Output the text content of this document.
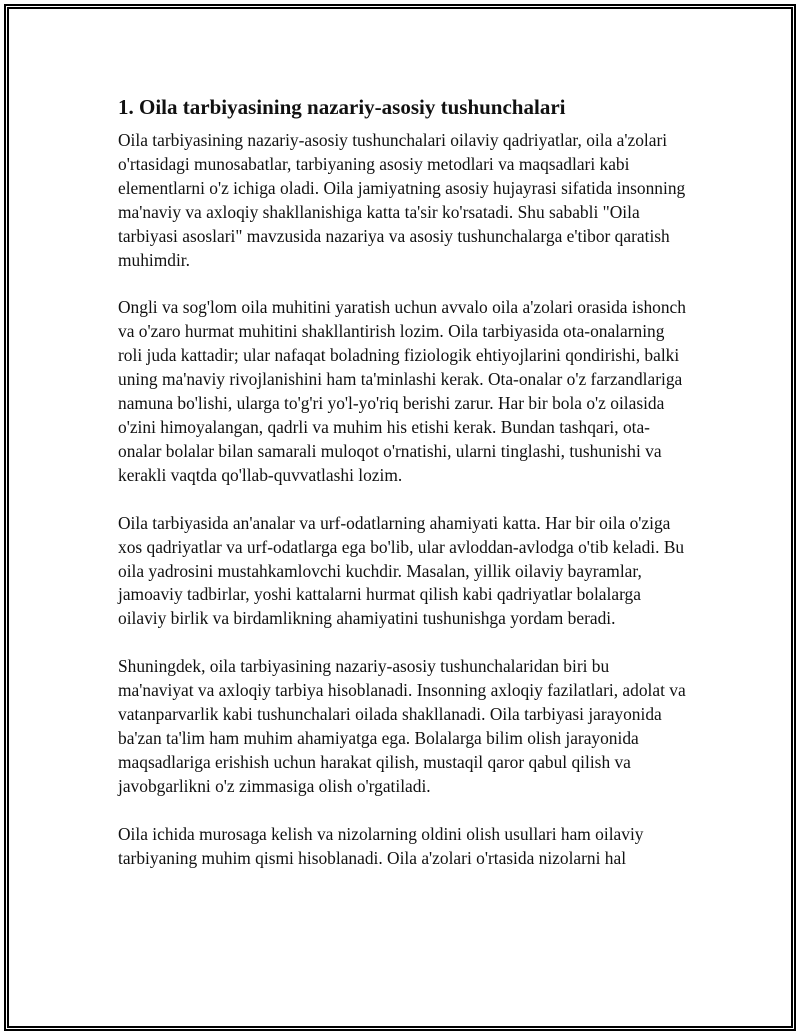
1. Oila tarbiyasining nazariy-asosiy tushunchalari

Oila tarbiyasining nazariy-asosiy tushunchalari oilaviy qadriyatlar, oila a'zolari o'rtasidagi munosabatlar, tarbiyaning asosiy metodlari va maqsadlari kabi elementlarni o'z ichiga oladi. Oila jamiyatning asosiy hujayrasi sifatida insonning ma'naviy va axloqiy shakllanishiga katta ta'sir ko'rsatadi. Shu sababli "Oila tarbiyasi asoslari" mavzusida nazariya va asosiy tushunchalarga e'tibor qaratish muhimdir.

Ongli va sog'lom oila muhitini yaratish uchun avvalo oila a'zolari orasida ishonch va o'zaro hurmat muhitini shakllantirish lozim. Oila tarbiyasida ota-onalarning roli juda kattadir; ular nafaqat boladning fiziologik ehtiyojlarini qondirishi, balki uning ma'naviy rivojlanishini ham ta'minlashi kerak. Ota-onalar o'z farzandlariga namuna bo'lishi, ularga to'g'ri yo'l-yo'riq berishi zarur. Har bir bola o'z oilasida o'zini himoyalangan, qadrli va muhim his etishi kerak. Bundan tashqari, ota-onalar bolalar bilan samarali muloqot o'rnatishi, ularni tinglashi, tushunishi va kerakli vaqtda qo'llab-quvvatlashi lozim.

Oila tarbiyasida an'analar va urf-odatlarning ahamiyati katta. Har bir oila o'ziga xos qadriyatlar va urf-odatlarga ega bo'lib, ular avloddan-avlodga o'tib keladi. Bu oila yadrosini mustahkamlovchi kuchdir. Masalan, yillik oilaviy bayramlar, jamoaviy tadbirlar, yoshi kattalarni hurmat qilish kabi qadriyatlar bolalarga oilaviy birlik va birdamlikning ahamiyatini tushunishga yordam beradi.

Shuningdek, oila tarbiyasining nazariy-asosiy tushunchalaridan biri bu ma'naviyat va axloqiy tarbiya hisoblanadi. Insonning axloqiy fazilatlari, adolat va vatanparvarlik kabi tushunchalari oilada shakllanadi. Oila tarbiyasi jarayonida ba'zan ta'lim ham muhim ahamiyatga ega. Bolalarga bilim olish jarayonida maqsadlariga erishish uchun harakat qilish, mustaqil qaror qabul qilish va javobgarlikni o'z zimmasiga olish o'rgatiladi.

Oila ichida murosaga kelish va nizolarning oldini olish usullari ham oilaviy tarbiyaning muhim qismi hisoblanadi. Oila a'zolari o'rtasida nizolarni hal
